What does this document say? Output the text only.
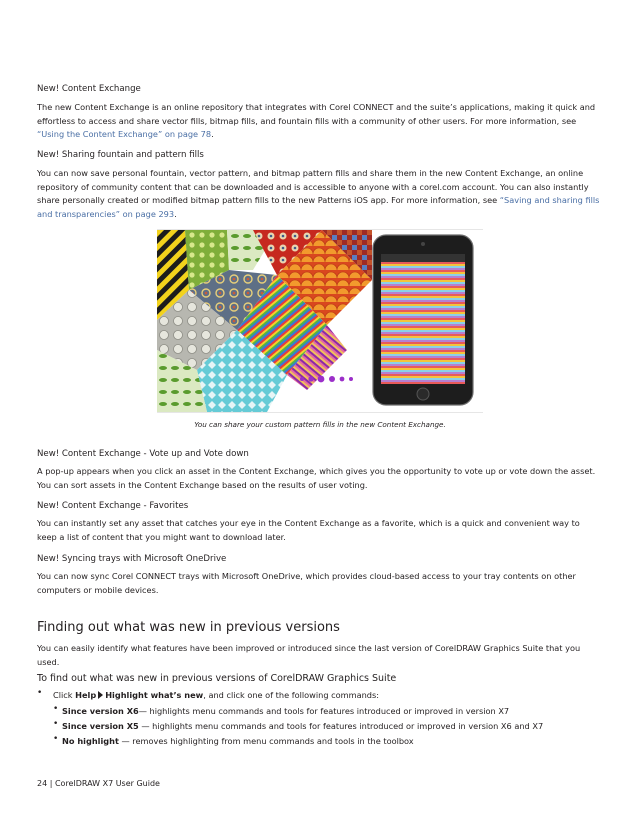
New! Content Exchange
The new Content Exchange is an online repository that integrates with Corel CONNECT and the suite’s applications, making it quick and effortless to access and share vector fills, bitmap fills, and fountain fills with a community of other users. For more information, see “Using the Content Exchange” on page 78.
New! Sharing fountain and pattern fills
You can now save personal fountain, vector pattern, and bitmap pattern fills and share them in the new Content Exchange, an online repository of community content that can be downloaded and is accessible to anyone with a corel.com account. You can also instantly share personally created or modified bitmap pattern fills to the new Patterns iOS app. For more information, see “Saving and sharing fills and transparencies” on page 293.
You can share your custom pattern fills in the new Content Exchange.
New! Content Exchange - Vote up and Vote down
A pop-up appears when you click an asset in the Content Exchange, which gives you the opportunity to vote up or vote down the asset. You can sort assets in the Content Exchange based on the results of user voting.
New! Content Exchange - Favorites
You can instantly set any asset that catches your eye in the Content Exchange as a favorite, which is a quick and convenient way to keep a list of content that you might want to download later.
New! Syncing trays with Microsoft OneDrive
You can now sync Corel CONNECT trays with Microsoft OneDrive, which provides cloud-based access to your tray contents on other computers or mobile devices.
Finding out what was new in previous versions
You can easily identify what features have been improved or introduced since the last version of CorelDRAW Graphics Suite that you used.
To find out what was new in previous versions of CorelDRAW Graphics Suite
• Click Help Highlight what’s new, and click one of the following commands:
• Since version X6— highlights menu commands and tools for features introduced or improved in version X7
• Since version X5 — highlights menu commands and tools for features introduced or improved in version X6 and X7
• No highlight — removes highlighting from menu commands and tools in the toolbox
24 | CorelDRAW X7 User Guide
